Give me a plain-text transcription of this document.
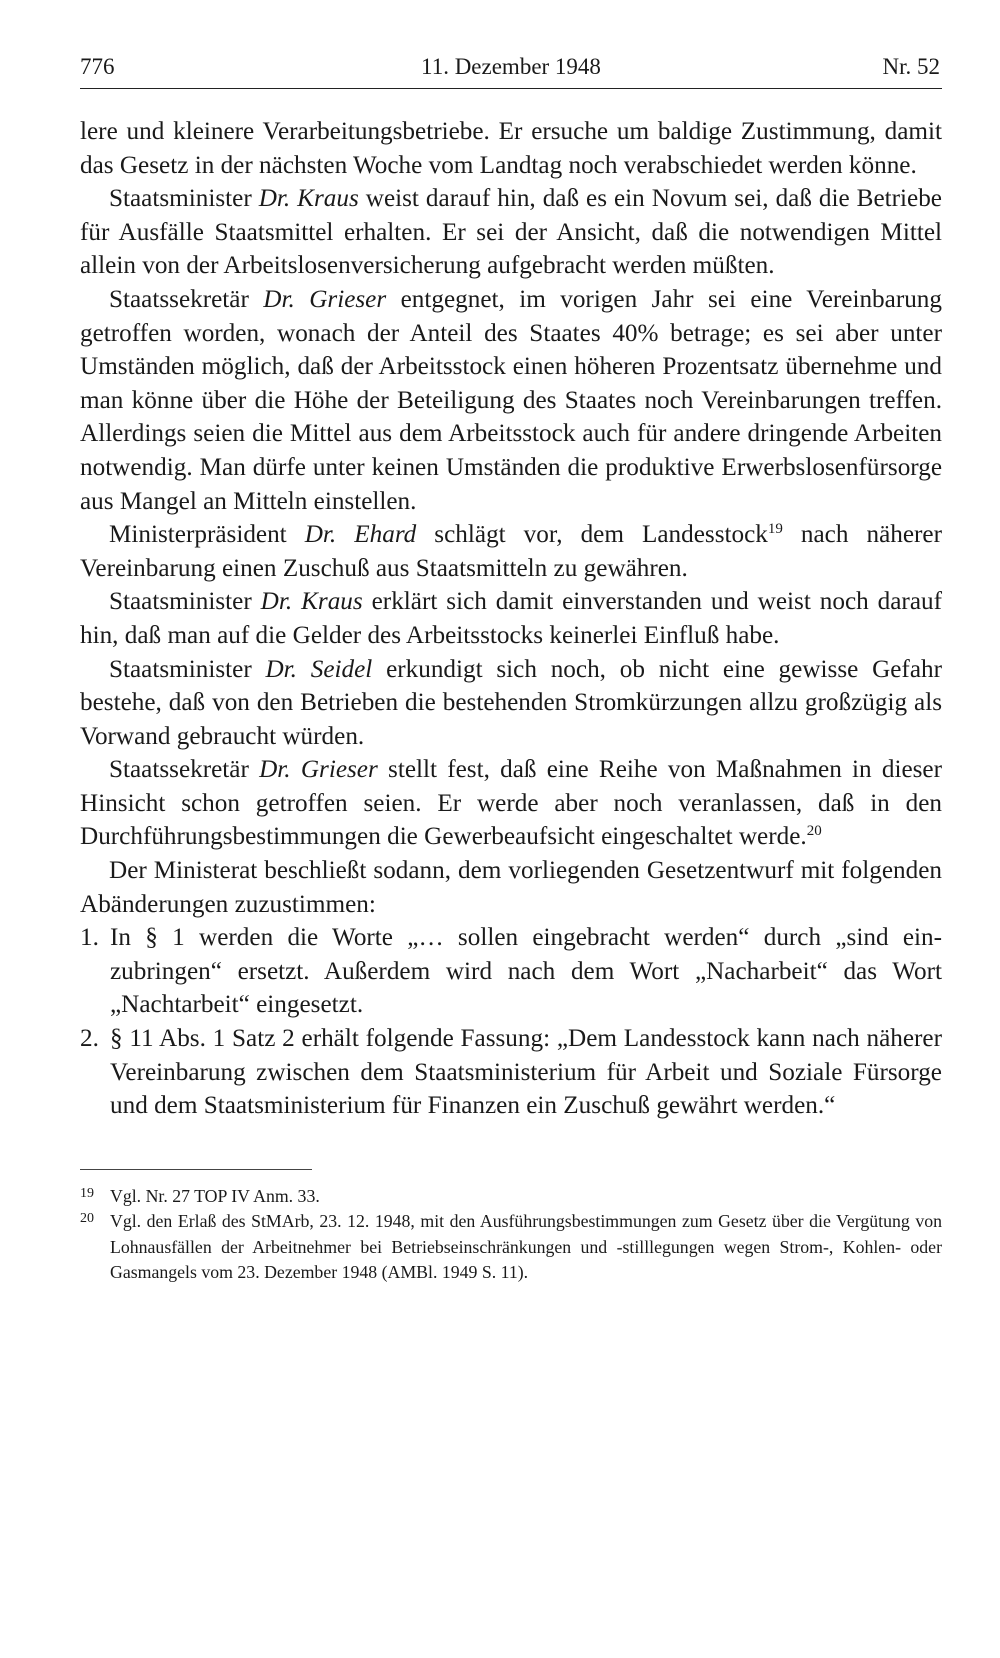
776	11. Dezember 1948	Nr. 52

lere und kleinere Verarbeitungsbetriebe. Er ersuche um baldige Zustimmung, damit das Gesetz in der nächsten Woche vom Landtag noch verabschiedet werden könne.

Staatsminister Dr. Kraus weist darauf hin, daß es ein Novum sei, daß die Betriebe für Ausfälle Staatsmittel erhalten. Er sei der Ansicht, daß die notwendigen Mittel allein von der Arbeitslosenversicherung aufgebracht werden müßten.

Staatssekretär Dr. Grieser entgegnet, im vorigen Jahr sei eine Vereinbarung getroffen worden, wonach der Anteil des Staates 40% betrage; es sei aber unter Umständen möglich, daß der Arbeitsstock einen höheren Prozentsatz übernehme und man könne über die Höhe der Beteiligung des Staates noch Vereinbarungen treffen. Allerdings seien die Mittel aus dem Arbeitsstock auch für andere dringende Arbeiten notwendig. Man dürfe unter keinen Umständen die produktive Erwerbslosenfürsorge aus Mangel an Mitteln einstellen.

Ministerpräsident Dr. Ehard schlägt vor, dem Landesstock$^{19}$ nach näherer Vereinbarung einen Zuschuß aus Staatsmitteln zu gewähren.

Staatsminister Dr. Kraus erklärt sich damit einverstanden und weist noch darauf hin, daß man auf die Gelder des Arbeitsstocks keinerlei Einfluß habe.

Staatsminister Dr. Seidel erkundigt sich noch, ob nicht eine gewisse Gefahr bestehe, daß von den Betrieben die bestehenden Stromkürzungen allzu großzügig als Vorwand gebraucht würden.

Staatssekretär Dr. Grieser stellt fest, daß eine Reihe von Maßnahmen in dieser Hinsicht schon getroffen seien. Er werde aber noch veranlassen, daß in den Durchführungsbestimmungen die Gewerbeaufsicht eingeschaltet werde.$^{20}$

Der Ministerat beschließt sodann, dem vorliegenden Gesetzentwurf mit folgenden Abänderungen zuzustimmen:

1. In § 1 werden die Worte „… sollen eingebracht werden“ durch „sind einzubringen“ ersetzt. Außerdem wird nach dem Wort „Nacharbeit“ das Wort „Nachtarbeit“ eingesetzt.
2. § 11 Abs. 1 Satz 2 erhält folgende Fassung: „Dem Landesstock kann nach näherer Vereinbarung zwischen dem Staatsministerium für Arbeit und Soziale Fürsorge und dem Staatsministerium für Finanzen ein Zuschuß gewährt werden.“
19 Vgl. Nr. 27 TOP IV Anm. 33.
20 Vgl. den Erlaß des StMArb, 23. 12. 1948, mit den Ausführungsbestimmungen zum Gesetz über die Vergütung von Lohnausfällen der Arbeitnehmer bei Betriebseinschränkungen und -stilllegungen wegen Strom-, Kohlen- oder Gasmangels vom 23. Dezember 1948 (AMBl. 1949 S. 11).
